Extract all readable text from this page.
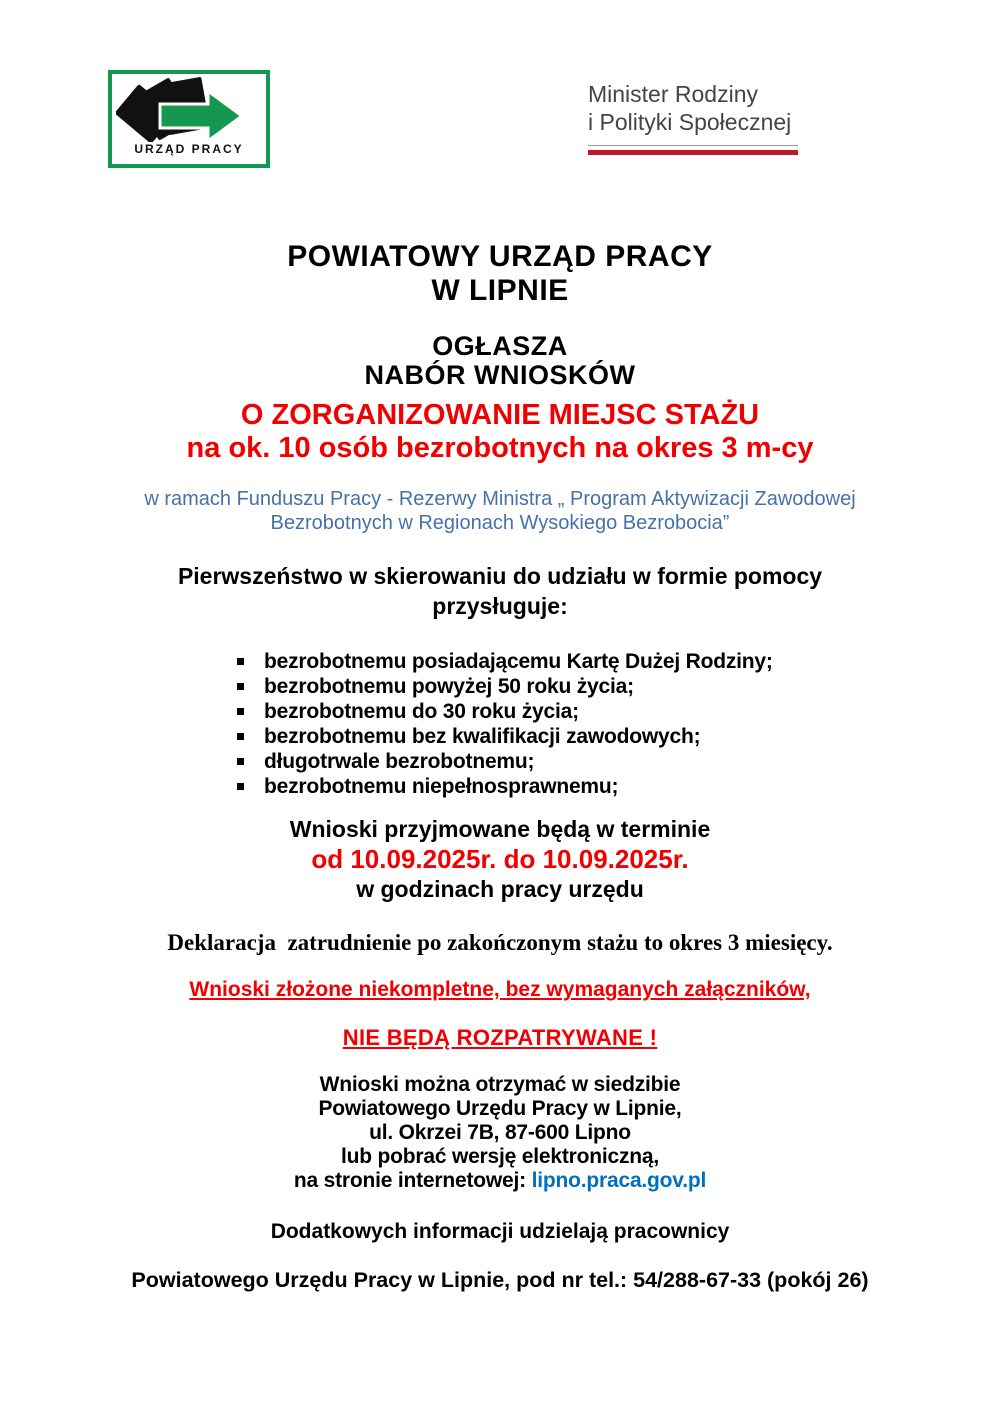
URZĄD PRACY
Minister Rodziny
i Polityki Społecznej
POWIATOWY URZĄD PRACY
W LIPNIE
OGŁASZA
NABÓR WNIOSKÓW
O ZORGANIZOWANIE MIEJSC STAŻU
na ok. 10 osób bezrobotnych na okres 3 m-cy
w ramach Funduszu Pracy - Rezerwy Ministra „ Program Aktywizacji Zawodowej Bezrobotnych w Regionach Wysokiego Bezrobocia”
Pierwszeństwo w skierowaniu do udziału w formie pomocy przysługuje:
bezrobotnemu posiadającemu Kartę Dużej Rodziny;
bezrobotnemu powyżej 50 roku życia;
bezrobotnemu do 30 roku życia;
bezrobotnemu bez kwalifikacji zawodowych;
długotrwale bezrobotnemu;
bezrobotnemu niepełnosprawnemu;
Wnioski przyjmowane będą w terminie
od 10.09.2025r. do 10.09.2025r.
w godzinach pracy urzędu
Deklaracja  zatrudnienie po zakończonym stażu to okres 3 miesięcy.
Wnioski złożone niekompletne, bez wymaganych załączników,
NIE BĘDĄ ROZPATRYWANE !
Wnioski można otrzymać w siedzibie
Powiatowego Urzędu Pracy w Lipnie,
ul. Okrzei 7B, 87-600 Lipno
lub pobrać wersję elektroniczną,
na stronie internetowej: lipno.praca.gov.pl
Dodatkowych informacji udzielają pracownicy
Powiatowego Urzędu Pracy w Lipnie, pod nr tel.: 54/288-67-33 (pokój 26)
